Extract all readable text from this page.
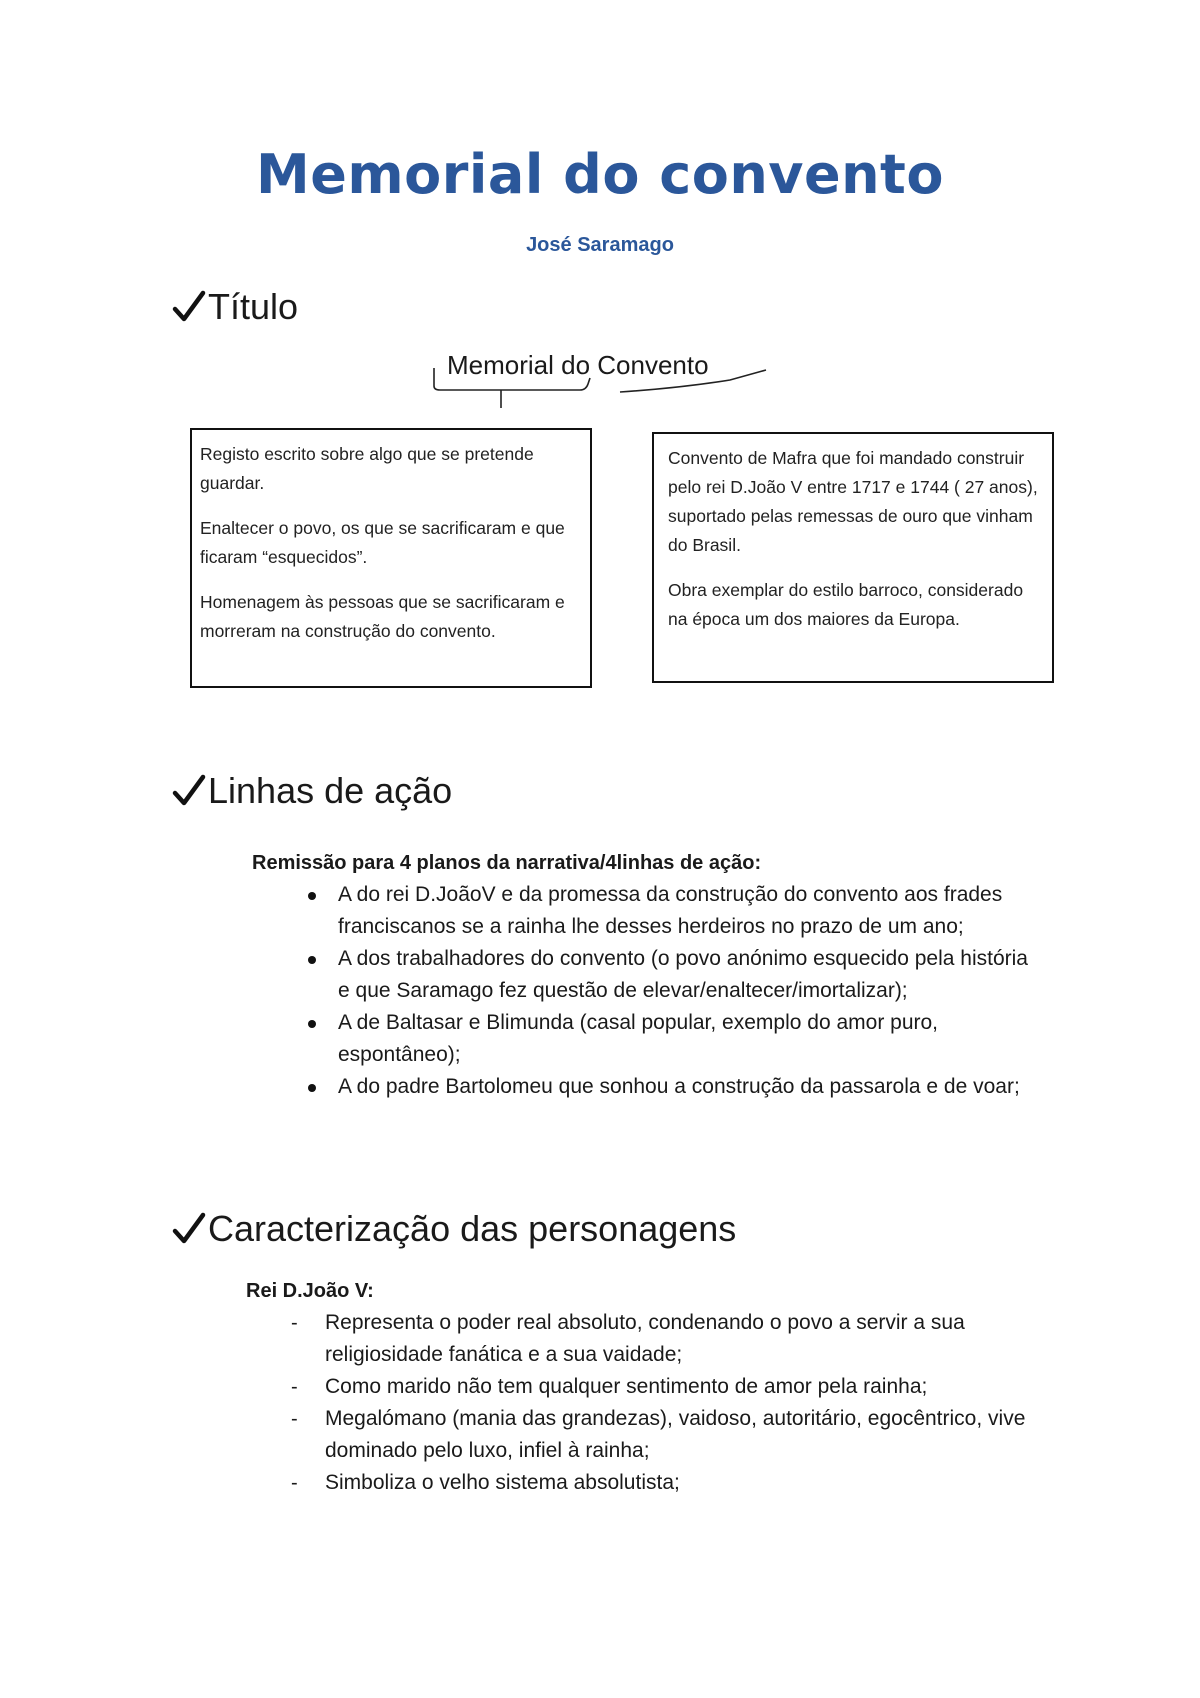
Memorial do convento
José Saramago
Título
Memorial do Convento

Registo escrito sobre algo que se pretende guardar.

Enaltecer o povo, os que se sacrificaram e que ficaram “esquecidos”.

Homenagem às pessoas que se sacrificaram e morreram na construção do convento.

Convento de Mafra que foi mandado construir pelo rei D.João V entre 1717 e 1744 ( 27 anos), suportado pelas remessas de ouro que vinham do Brasil.

Obra exemplar do estilo barroco, considerado na época um dos maiores da Europa.

Linhas de ação
Remissão para 4 planos da narrativa/4linhas de ação:
A do rei D.JoãoV e da promessa da construção do convento aos frades franciscanos se a rainha lhe desses herdeiros no prazo de um ano;
A dos trabalhadores do convento (o povo anónimo esquecido pela história e que Saramago fez questão de elevar/enaltecer/imortalizar);
A de Baltasar e Blimunda (casal popular, exemplo do amor puro, espontâneo);
A do padre Bartolomeu que sonhou a construção da passarola e de voar;
Caracterização das personagens
Rei D.João V:
- Representa o poder real absoluto, condenando o povo a servir a sua religiosidade fanática e a sua vaidade;
- Como marido não tem qualquer sentimento de amor pela rainha;
- Megalómano (mania das grandezas), vaidoso, autoritário, egocêntrico, vive dominado pelo luxo, infiel à rainha;
- Simboliza o velho sistema absolutista;
